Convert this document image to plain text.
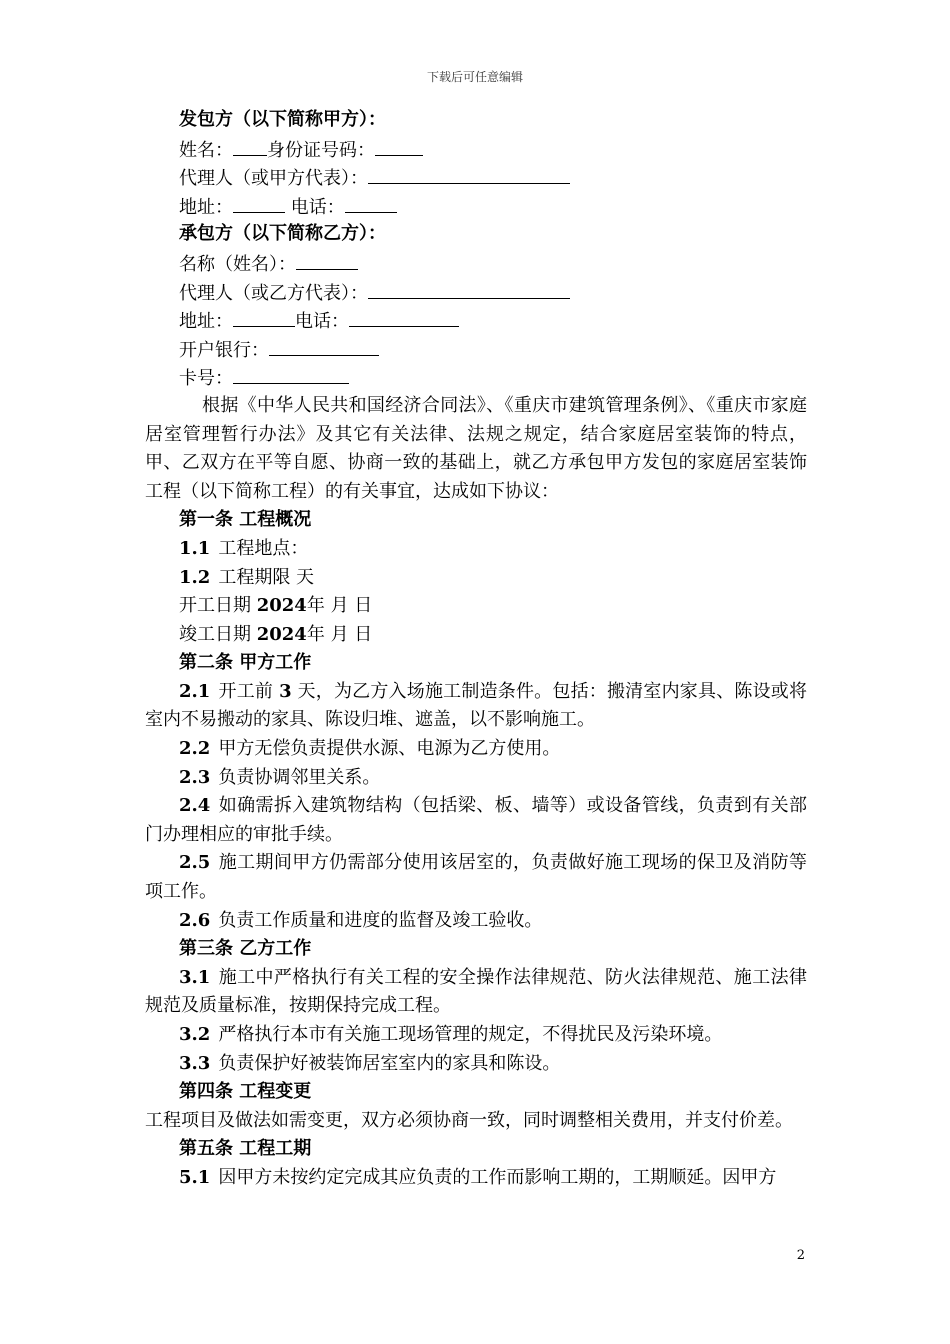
下载后可任意编辑
发包方（以下简称甲方）：
姓名： 身份证号码：
代理人（或甲方代表）：
地址：	电话：
承包方（以下简称乙方）：
名称（姓名）：
代理人（或乙方代表）：
地址：	电话：
开户银行：
卡号：
根据《中华人民共和国经济合同法》、《重庆市建筑管理条例》、《重庆市家庭居室管理暂行办法》及其它有关法律、法规之规定，结合家庭居室装饰的特点，甲、乙双方在平等自愿、协商一致的基础上，就乙方承包甲方发包的家庭居室装饰工程（以下简称工程）的有关事宜，达成如下协议：
第一条 工程概况
1.1 工程地点：
1.2 工程期限 天
开工日期 2024年 月 日
竣工日期 2024年 月 日
第二条 甲方工作
2.1 开工前 3 天，为乙方入场施工制造条件。包括：搬清室内家具、陈设或将室内不易搬动的家具、陈设归堆、遮盖，以不影响施工。
2.2 甲方无偿负责提供水源、电源为乙方使用。
2.3 负责协调邻里关系。
2.4 如确需拆入建筑物结构（包括梁、板、墙等）或设备管线，负责到有关部门办理相应的审批手续。
2.5 施工期间甲方仍需部分使用该居室的，负责做好施工现场的保卫及消防等项工作。
2.6 负责工作质量和进度的监督及竣工验收。
第三条 乙方工作
3.1 施工中严格执行有关工程的安全操作法律规范、防火法律规范、施工法律规范及质量标准，按期保持完成工程。
3.2 严格执行本市有关施工现场管理的规定，不得扰民及污染环境。
3.3 负责保护好被装饰居室室内的家具和陈设。
第四条 工程变更
工程项目及做法如需变更，双方必须协商一致，同时调整相关费用，并支付价差。
第五条 工程工期
5.1 因甲方未按约定完成其应负责的工作而影响工期的，工期顺延。因甲方
2
